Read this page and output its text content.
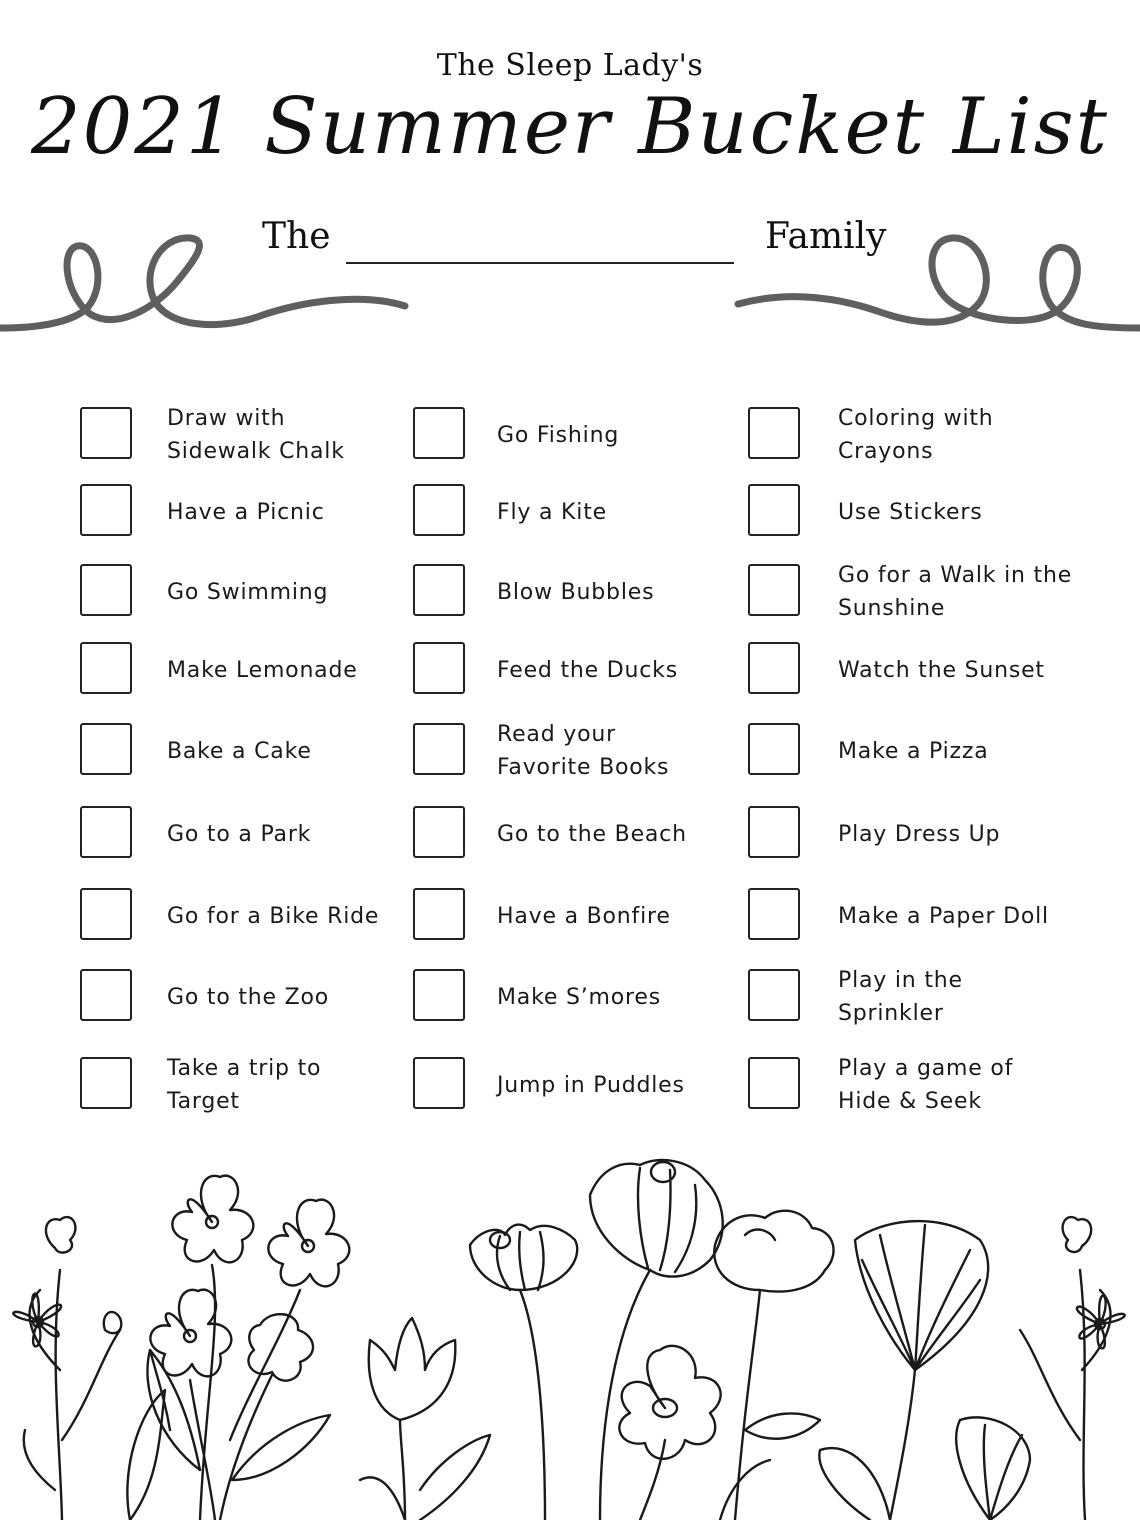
The Sleep Lady's
2021 Summer Bucket List
The	Family
Draw with
Sidewalk Chalk
Have a Picnic
Go Swimming
Make Lemonade
Bake a Cake
Go to a Park
Go for a Bike Ride
Go to the Zoo
Take a trip to
Target
Go Fishing
Fly a Kite
Blow Bubbles
Feed the Ducks
Read your
Favorite Books
Go to the Beach
Have a Bonfire
Make S’mores
Jump in Puddles
Coloring with
Crayons
Use Stickers
Go for a Walk in the
Sunshine
Watch the Sunset
Make a Pizza
Play Dress Up
Make a Paper Doll
Play in the
Sprinkler
Play a game of
Hide & Seek
